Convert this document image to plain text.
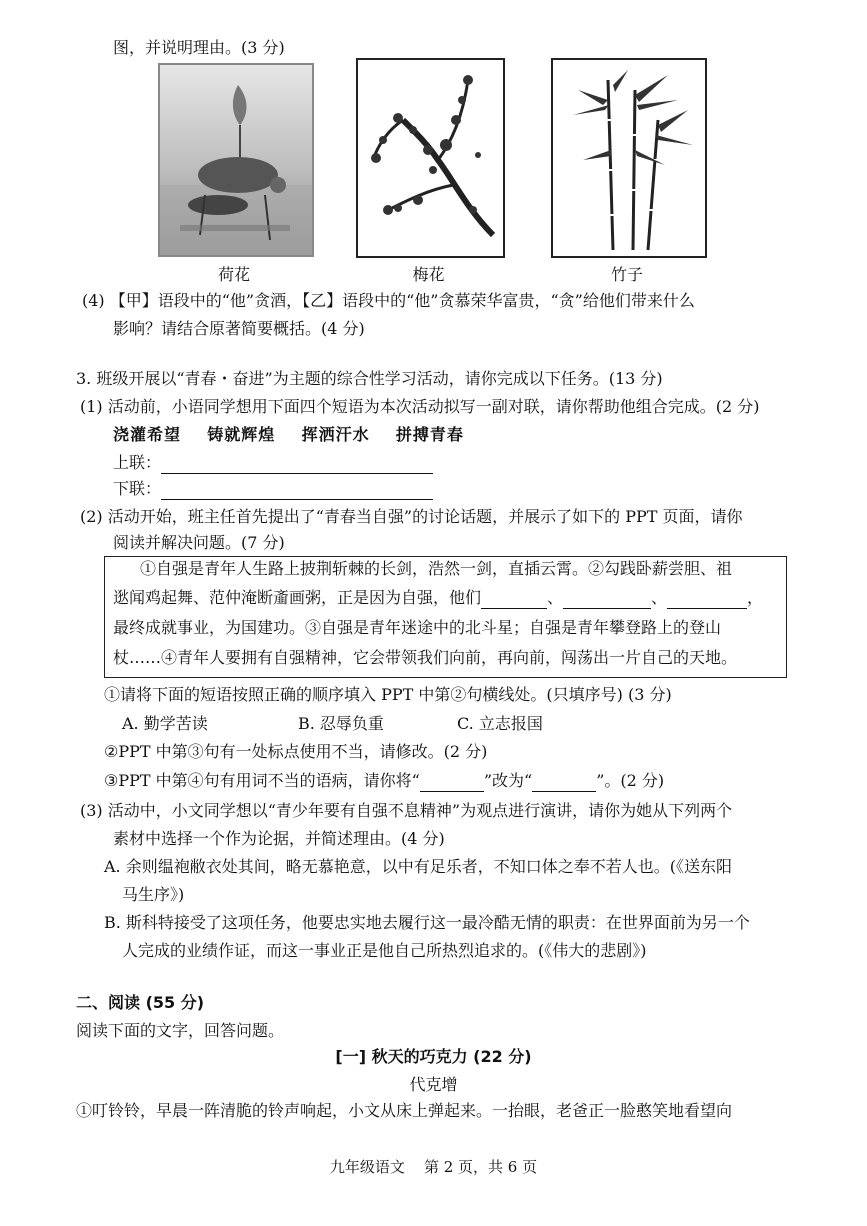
图，并说明理由。(3 分)
荷花	梅花	竹子
(4) 【甲】语段中的“他”贪酒，【乙】语段中的“他”贪慕荣华富贵，“贪”给他们带来什么
影响？请结合原著简要概括。(4 分)
3. 班级开展以“青春・奋进”为主题的综合性学习活动，请你完成以下任务。(13 分)
(1) 活动前，小语同学想用下面四个短语为本次活动拟写一副对联，请你帮助他组合完成。(2 分)
浇灌希望    铸就辉煌    挥洒汗水    拼搏青春
上联：
下联：
(2) 活动开始，班主任首先提出了“青春当自强”的讨论话题，并展示了如下的 PPT 页面，请你
阅读并解决问题。(7 分)
①自强是青年人生路上披荆斩棘的长剑，浩然一剑，直插云霄。②勾践卧薪尝胆、祖
逖闻鸡起舞、范仲淹断齑画粥，正是因为自强，他们	、	、	，
最终成就事业，为国建功。③自强是青年迷途中的北斗星；自强是青年攀登路上的登山
杖……④青年人要拥有自强精神，它会带领我们向前，再向前，闯荡出一片自己的天地。
①请将下面的短语按照正确的顺序填入 PPT 中第②句横线处。(只填序号) (3 分)
A. 勤学苦读	B. 忍辱负重	C. 立志报国
②PPT 中第③句有一处标点使用不当，请修改。(2 分)
③PPT 中第④句有用词不当的语病，请你将“	”改为“	”。(2 分)
(3) 活动中，小文同学想以“青少年要有自强不息精神”为观点进行演讲，请你为她从下列两个
素材中选择一个作为论据，并简述理由。(4 分)
A. 余则缊袍敝衣处其间，略无慕艳意，以中有足乐者，不知口体之奉不若人也。(《送东阳
马生序》)
B. 斯科特接受了这项任务，他要忠实地去履行这一最冷酷无情的职责：在世界面前为另一个
人完成的业绩作证，而这一事业正是他自己所热烈追求的。(《伟大的悲剧》)
二、阅读 (55 分)
阅读下面的文字，回答问题。
[一] 秋天的巧克力 (22 分)
代克增
①叮铃铃，早晨一阵清脆的铃声响起，小文从床上弹起来。一抬眼，老爸正一脸憨笑地看望向
九年级语文    第 2 页，共 6 页
